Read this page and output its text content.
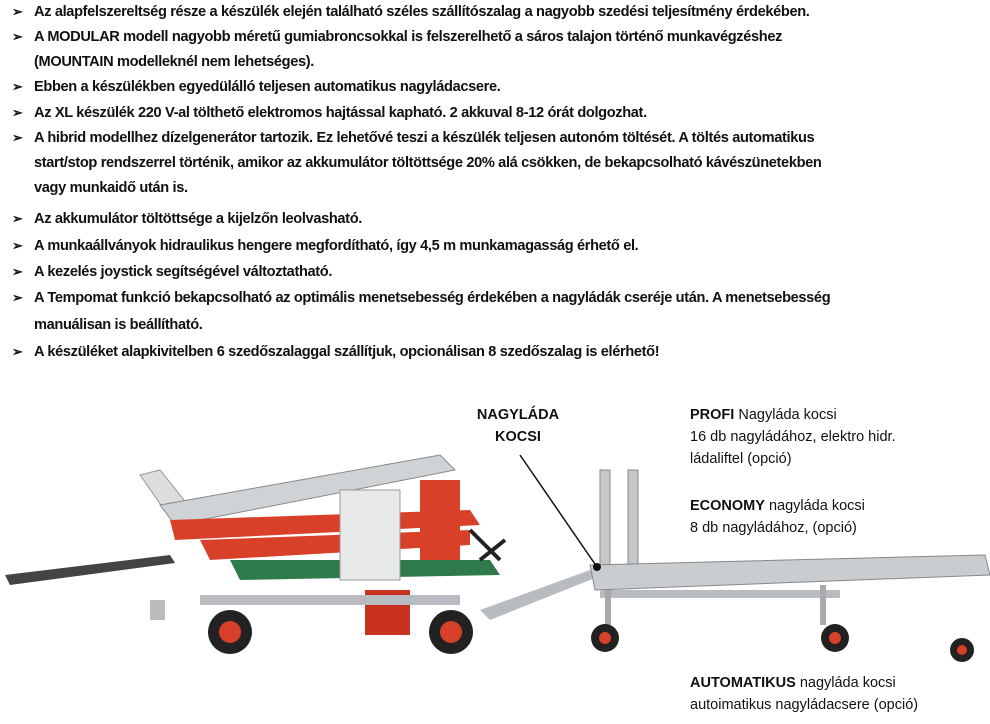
➢ Az alapfelszereltség része a készülék elején található széles szállítószalag a nagyobb szedési teljesítmény érdekében.
➢ A MODULAR modell nagyobb méretű gumiabroncsokkal is felszerelhető a sáros talajon történő munkavégzéshez
(MOUNTAIN modelleknél nem lehetséges).
➢ Ebben a készülékben egyedülálló teljesen automatikus nagyládacsere.
➢ Az XL készülék 220 V-al tölthető elektromos hajtással kapható. 2 akkuval 8-12 órát dolgozhat.
➢ A hibrid modellhez dízelgenerátor tartozik. Ez lehetővé teszi a készülék teljesen autonóm töltését. A töltés automatikus
start/stop rendszerrel történik, amikor az akkumulátor töltöttsége 20% alá csökken, de bekapcsolható kávészünetekben
vagy munkaidő után is.
➢ Az akkumulátor töltöttsége a kijelzőn leolvasható.
➢ A munkaállványok hidraulikus hengere megfordítható, így 4,5 m munkamagasság érhető el.
➢ A kezelés joystick segítségével változtatható.
➢ A Tempomat funkció bekapcsolható az optimális menetsebesség érdekében a nagyládák cseréje után. A menetsebesség
manuálisan is beállítható.
➢ A készüléket alapkivitelben 6 szedőszalaggal szállítjuk, opcionálisan 8 szedőszalag is elérhető!
NAGYLÁDA
KOCSI
PROFI Nagyláda kocsi
16 db nagyládához, elektro hidr.
ládaliftel (opció)
ECONOMY nagyláda kocsi
8 db nagyládához, (opció)
AUTOMATIKUS nagyláda kocsi
autoimatikus nagyládacsere (opció)
